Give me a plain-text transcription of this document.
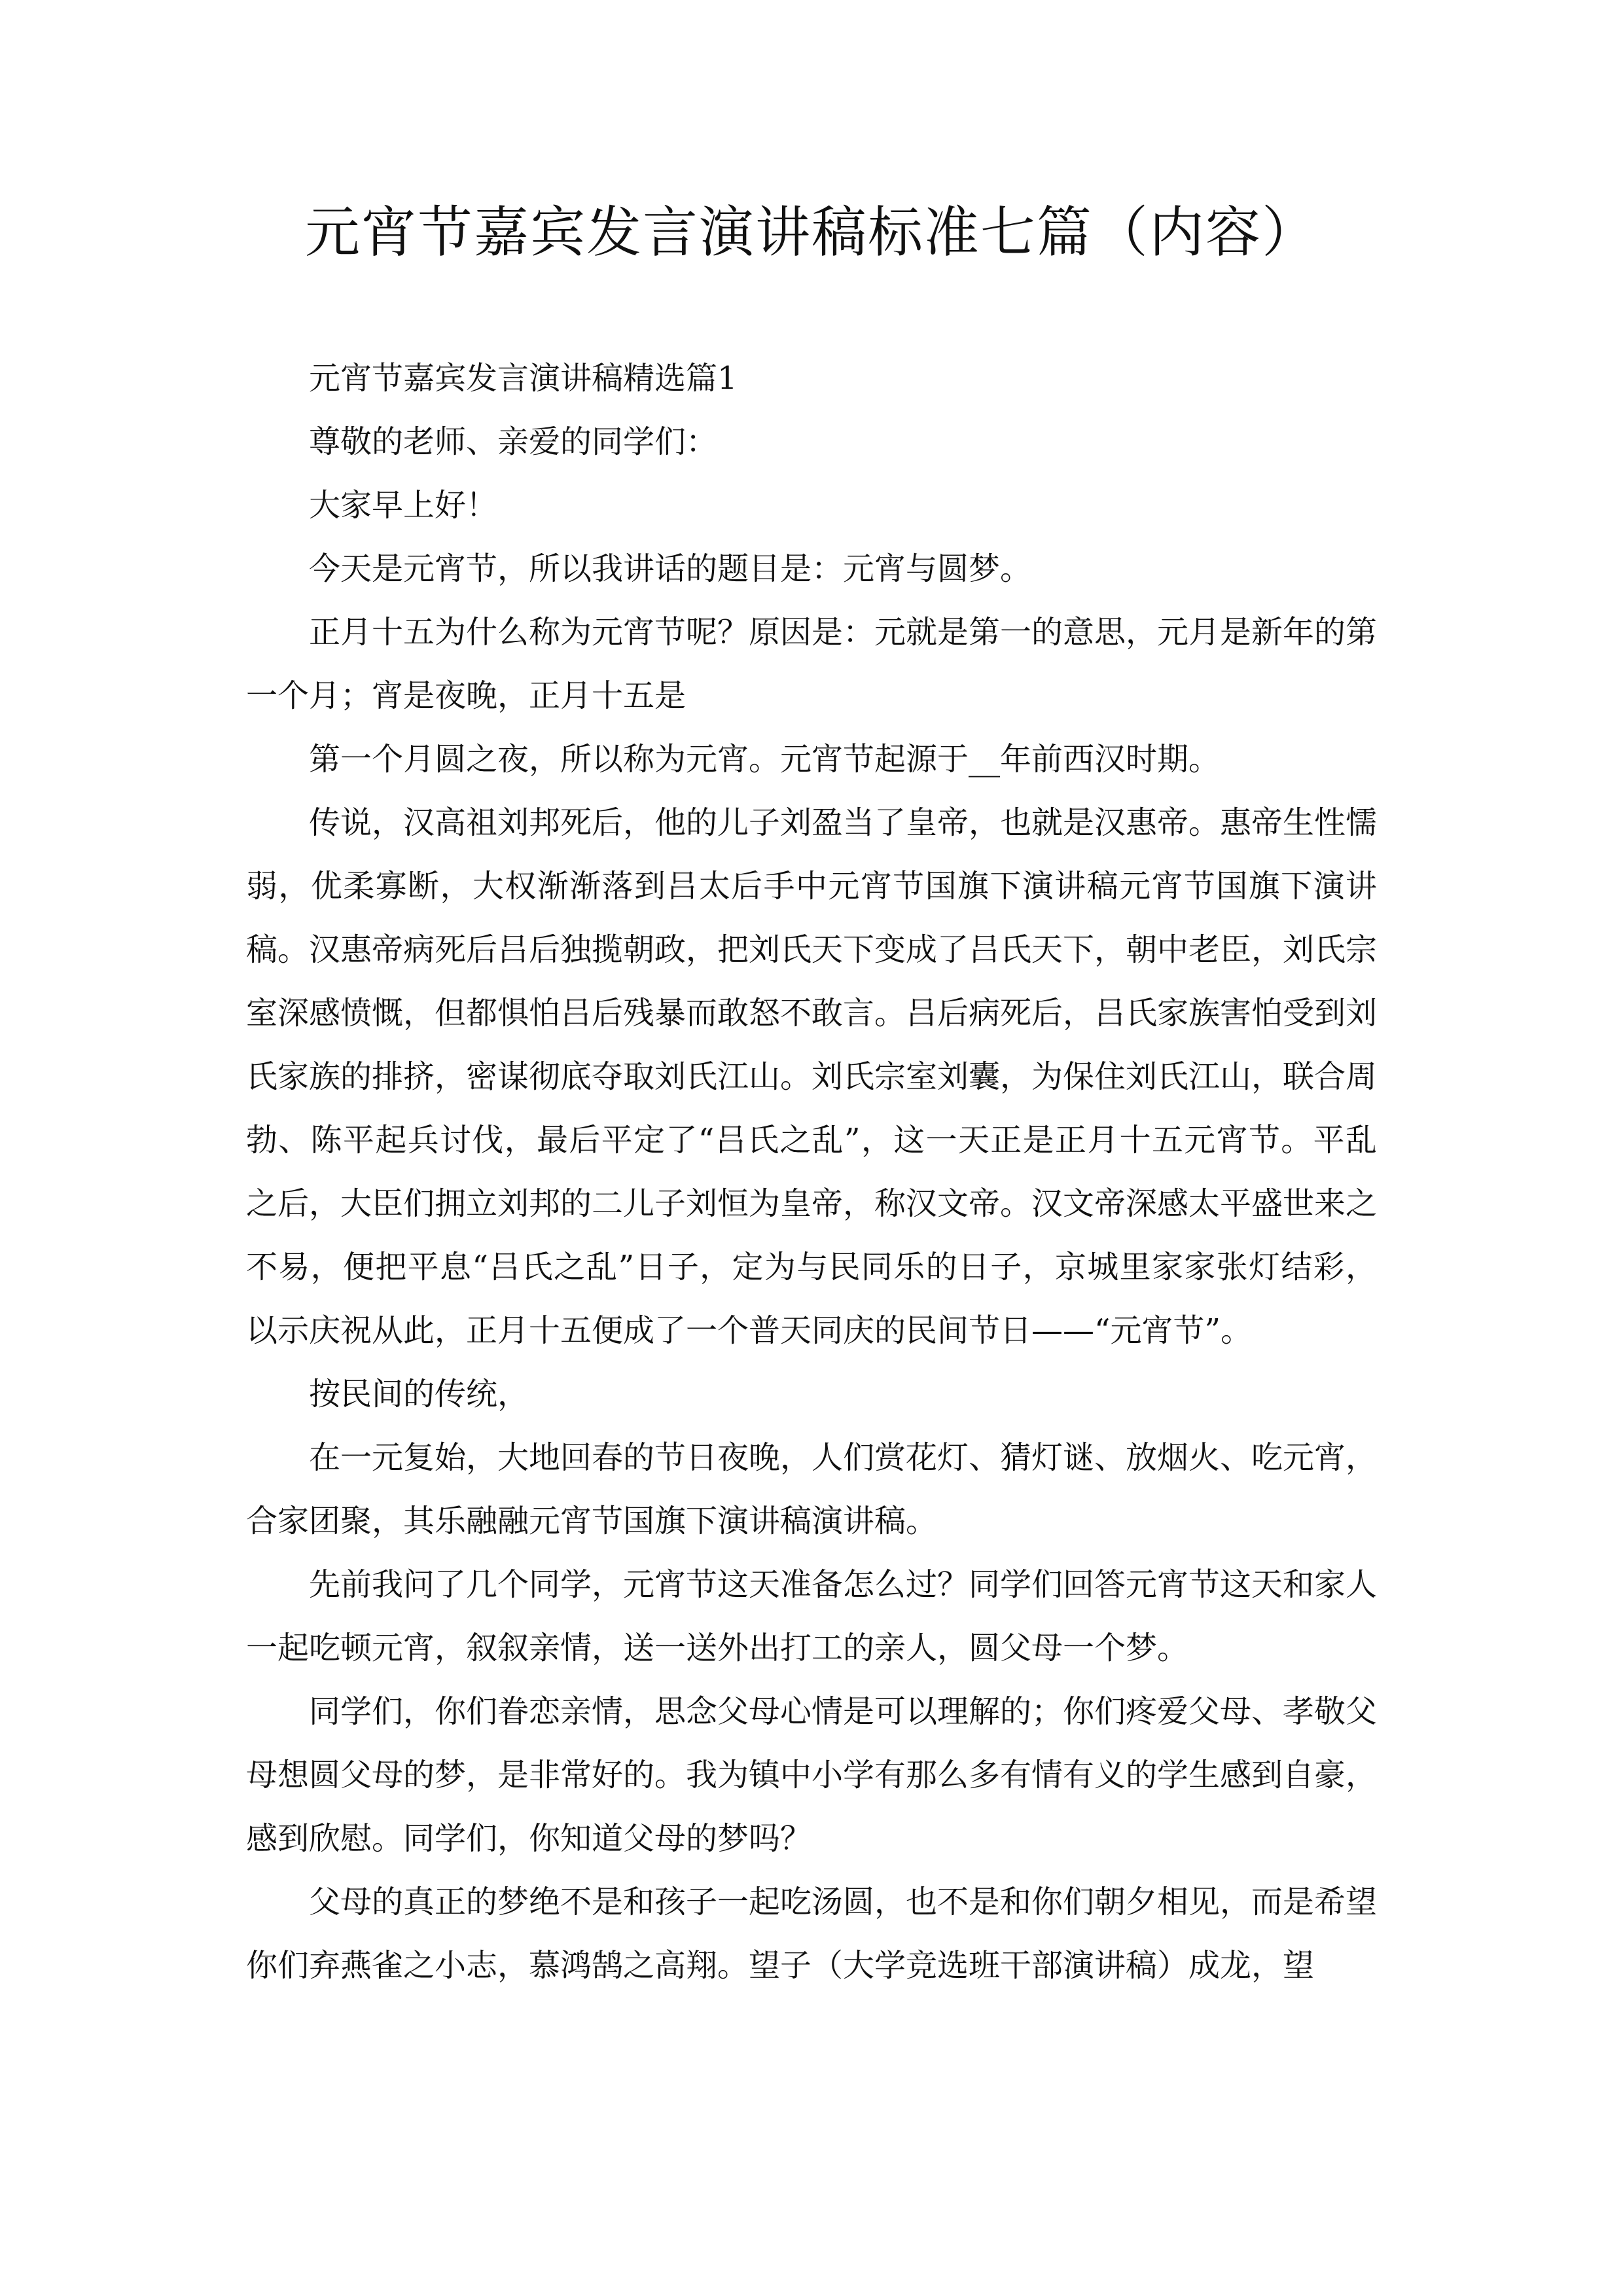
元宵节嘉宾发言演讲稿标准七篇（内容）

元宵节嘉宾发言演讲稿精选篇1

尊敬的老师、亲爱的同学们：

大家早上好！

今天是元宵节，所以我讲话的题目是：元宵与圆梦。

正月十五为什么称为元宵节呢？原因是：元就是第一的意思，元月是新年的第一个月；宵是夜晚，正月十五是

第一个月圆之夜，所以称为元宵。元宵节起源于__年前西汉时期。

传说，汉高祖刘邦死后，他的儿子刘盈当了皇帝，也就是汉惠帝。惠帝生性懦弱，优柔寡断，大权渐渐落到吕太后手中元宵节国旗下演讲稿元宵节国旗下演讲稿。汉惠帝病死后吕后独揽朝政，把刘氏天下变成了吕氏天下，朝中老臣，刘氏宗室深感愤慨，但都惧怕吕后残暴而敢怒不敢言。吕后病死后，吕氏家族害怕受到刘氏家族的排挤，密谋彻底夺取刘氏江山。刘氏宗室刘囊，为保住刘氏江山，联合周勃、陈平起兵讨伐，最后平定了“吕氏之乱”，这一天正是正月十五元宵节。平乱之后，大臣们拥立刘邦的二儿子刘恒为皇帝，称汉文帝。汉文帝深感太平盛世来之不易，便把平息“吕氏之乱”日子，定为与民同乐的日子，京城里家家张灯结彩，以示庆祝从此，正月十五便成了一个普天同庆的民间节日——“元宵节”。

按民间的传统，

在一元复始，大地回春的节日夜晚，人们赏花灯、猜灯谜、放烟火、吃元宵，合家团聚，其乐融融元宵节国旗下演讲稿演讲稿。

先前我问了几个同学，元宵节这天准备怎么过？同学们回答元宵节这天和家人一起吃顿元宵，叙叙亲情，送一送外出打工的亲人，圆父母一个梦。

同学们，你们眷恋亲情，思念父母心情是可以理解的；你们疼爱父母、孝敬父母想圆父母的梦，是非常好的。我为镇中小学有那么多有情有义的学生感到自豪，感到欣慰。同学们，你知道父母的梦吗？

父母的真正的梦绝不是和孩子一起吃汤圆，也不是和你们朝夕相见，而是希望你们弃燕雀之小志，慕鸿鹄之高翔。望子（大学竞选班干部演讲稿）成龙，望
